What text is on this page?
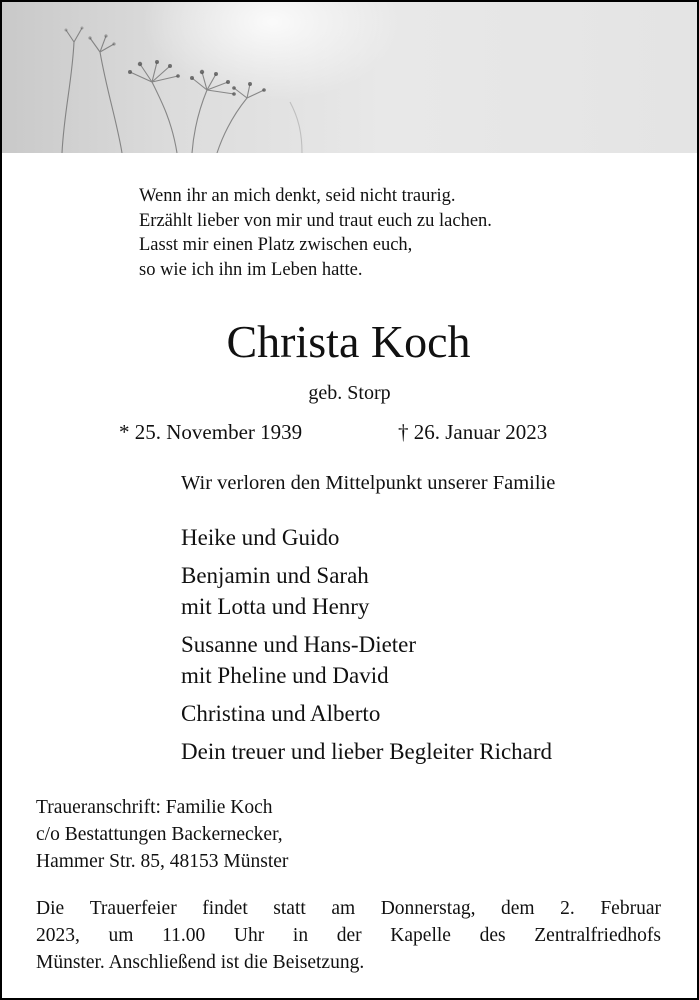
Wenn ihr an mich denkt, seid nicht traurig.
Erzählt lieber von mir und traut euch zu lachen.
Lasst mir einen Platz zwischen euch,
so wie ich ihn im Leben hatte.
Christa Koch
geb. Storp
* 25. November 1939	† 26. Januar 2023
Wir verloren den Mittelpunkt unserer Familie
Heike und Guido
Benjamin und Sarah
mit Lotta und Henry
Susanne und Hans-Dieter
mit Pheline und David
Christina und Alberto
Dein treuer und lieber Begleiter Richard
Traueranschrift: Familie Koch
c/o Bestattungen Backernecker,
Hammer Str. 85, 48153 Münster
Die Trauerfeier findet statt am Donnerstag, dem 2. Februar
2023, um 11.00 Uhr in der Kapelle des Zentralfriedhofs
Münster. Anschließend ist die Beisetzung.
